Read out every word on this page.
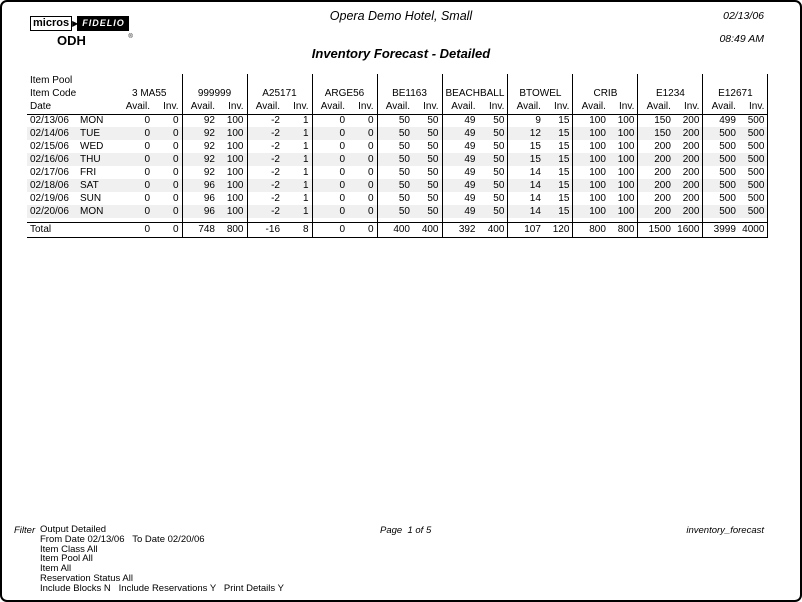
micros ▶ FIDELIO
®
ODH
Opera Demo Hotel, Small	02/13/06
08:49 AM
Inventory Forecast - Detailed
Item Pool																					
Item Code		3 MA55		999999		A25171		ARGE56		BE1163		BEACHBALL		BTOWEL		CRIB		E1234		E12671	
Date		Avail.	Inv.	Avail.	Inv.	Avail.	Inv.	Avail.	Inv.	Avail.	Inv.	Avail.	Inv.	Avail.	Inv.	Avail.	Inv.	Avail.	Inv.	Avail.	Inv.
02/13/06	MON	0	0	92	100	-2	1	0	0	50	50	49	50	9	15	100	100	150	200	499	500
02/14/06	TUE	0	0	92	100	-2	1	0	0	50	50	49	50	12	15	100	100	150	200	500	500
02/15/06	WED	0	0	92	100	-2	1	0	0	50	50	49	50	15	15	100	100	200	200	500	500
02/16/06	THU	0	0	92	100	-2	1	0	0	50	50	49	50	15	15	100	100	200	200	500	500
02/17/06	FRI	0	0	92	100	-2	1	0	0	50	50	49	50	14	15	100	100	200	200	500	500
02/18/06	SAT	0	0	96	100	-2	1	0	0	50	50	49	50	14	15	100	100	200	200	500	500
02/19/06	SUN	0	0	96	100	-2	1	0	0	50	50	49	50	14	15	100	100	200	200	500	500
02/20/06	MON	0	0	96	100	-2	1	0	0	50	50	49	50	14	15	100	100	200	200	500	500

Total		0	0	748	800	-16	8	0	0	400	400	392	400	107	120	800	800	1500	1600	3999	4000
Filter Output Detailed
From Date 02/13/06   To Date 02/20/06
Item Class All
Item Pool All
Item All
Reservation Status All
Include Blocks N   Include Reservations Y   Print Details Y
Page  1 of 5	inventory_forecast
